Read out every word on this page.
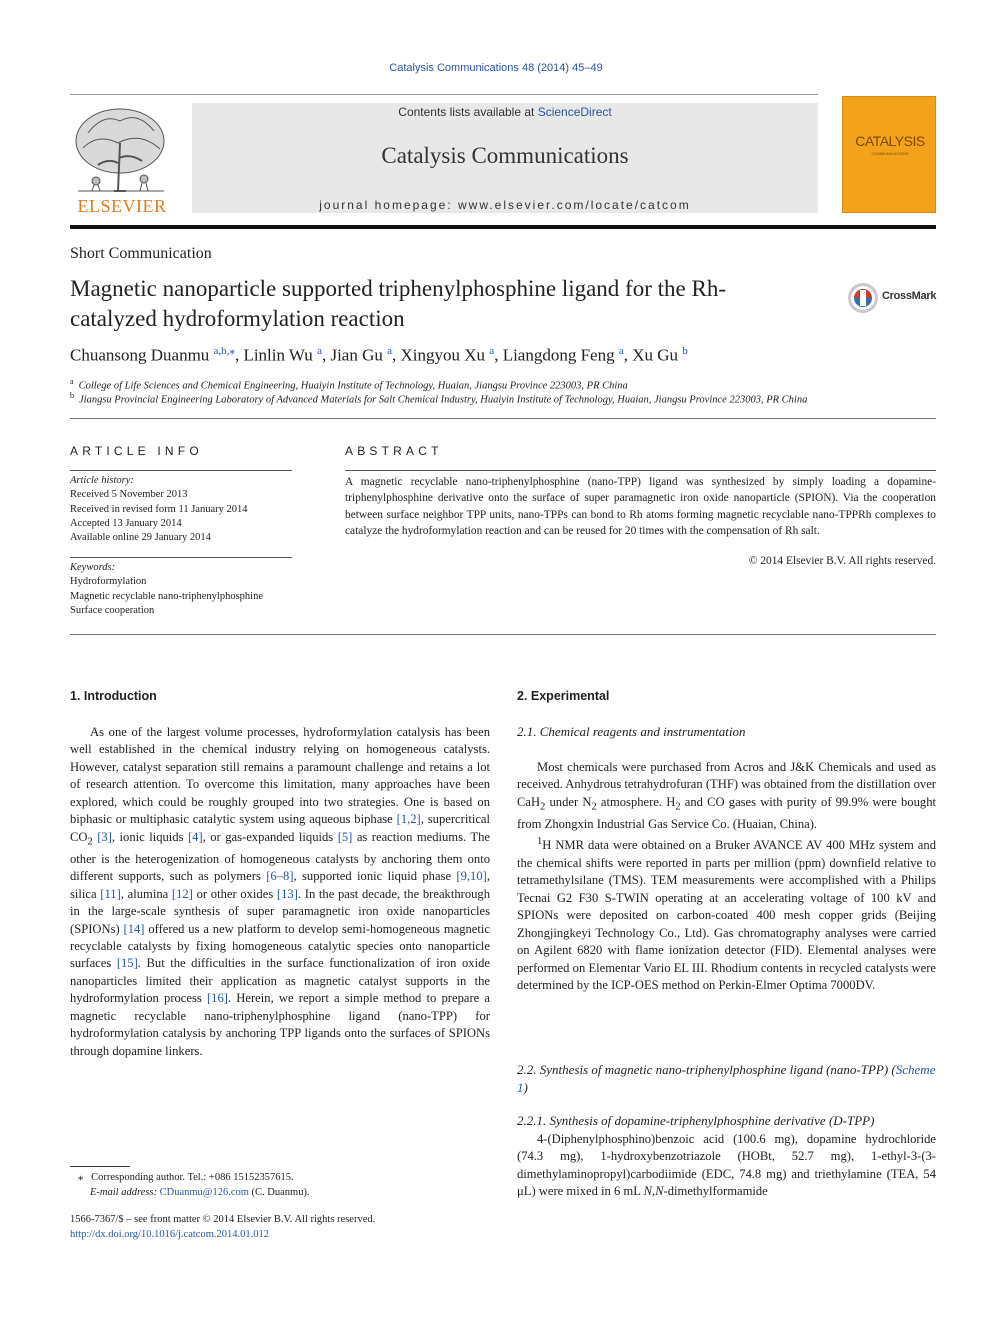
Catalysis Communications 48 (2014) 45–49
ELSEVIER
Contents lists available at ScienceDirect
Catalysis Communications
journal homepage: www.elsevier.com/locate/catcom
CATALYSIS
COMMUNICATIONS
Short Communication
Magnetic nanoparticle supported triphenylphosphine ligand for the Rh-catalyzed hydroformylation reaction
CrossMark
Chuansong Duanmu $^{a,b,⁎}$, Linlin Wu $^a$, Jian Gu $^a$, Xingyou Xu $^a$, Liangdong Feng $^a$, Xu Gu $^b$
$^a$ College of Life Sciences and Chemical Engineering, Huaiyin Institute of Technology, Huaian, Jiangsu Province 223003, PR China
$^b$ Jiangsu Provincial Engineering Laboratory of Advanced Materials for Salt Chemical Industry, Huaiyin Institute of Technology, Huaian, Jiangsu Province 223003, PR China
ARTICLE INFO	ABSTRACT
Article history:
Received 5 November 2013
Received in revised form 11 January 2014
Accepted 13 January 2014
Available online 29 January 2014
Keywords:
Hydroformylation
Magnetic recyclable nano-triphenylphosphine
Surface cooperation
A magnetic recyclable nano-triphenylphosphine (nano-TPP) ligand was synthesized by simply loading a dopamine-triphenylphosphine derivative onto the surface of super paramagnetic iron oxide nanoparticle (SPION). Via the cooperation between surface neighbor TPP units, nano-TPPs can bond to Rh atoms forming magnetic recyclable nano-TPPRh complexes to catalyze the hydroformylation reaction and can be reused for 20 times with the compensation of Rh salt.
© 2014 Elsevier B.V. All rights reserved.
1. Introduction

As one of the largest volume processes, hydroformylation catalysis has been well established in the chemical industry relying on homogeneous catalysts. However, catalyst separation still remains a paramount challenge and retains a lot of research attention. To overcome this limitation, many approaches have been explored, which could be roughly grouped into two strategies. One is based on biphasic or multiphasic catalytic system using aqueous biphase [1,2], supercritical $CO_2$ [3], ionic liquids [4], or gas-expanded liquids [5] as reaction mediums. The other is the heterogenization of homogeneous catalysts by anchoring them onto different supports, such as polymers [6–8], supported ionic liquid phase [9,10], silica [11], alumina [12] or other oxides [13]. In the past decade, the breakthrough in the large-scale synthesis of super paramagnetic iron oxide nanoparticles (SPIONs) [14] offered us a new platform to develop semi-homogeneous magnetic recyclable catalysts by fixing homogeneous catalytic species onto nanoparticle surfaces [15]. But the difficulties in the surface functionalization of iron oxide nanoparticles limited their application as magnetic catalyst supports in the hydroformylation process [16]. Herein, we report a simple method to prepare a magnetic recyclable nano-triphenylphosphine ligand (nano-TPP) for hydroformylation catalysis by anchoring TPP ligands onto the surfaces of SPIONs through dopamine linkers.

2. Experimental
2.1. Chemical reagents and instrumentation

Most chemicals were purchased from Acros and J&K Chemicals and used as received. Anhydrous tetrahydrofuran (THF) was obtained from the distillation over CaH$_2$ under $N_2$ atmosphere. $H_2$ and CO gases with purity of 99.9% were bought from Zhongxin Industrial Gas Service Co. (Huaian, China).

$^1$H NMR data were obtained on a Bruker AVANCE AV 400 MHz system and the chemical shifts were reported in parts per million (ppm) downfield relative to tetramethylsilane (TMS). TEM measurements were accomplished with a Philips Tecnai G2 F30 S-TWIN operating at an accelerating voltage of 100 kV and SPIONs were deposited on carbon-coated 400 mesh copper grids (Beijing Zhongjingkeyi Technology Co., Ltd). Gas chromatography analyses were carried on Agilent 6820 with flame ionization detector (FID). Elemental analyses were performed on Elementar Vario EL III. Rhodium contents in recycled catalysts were determined by the ICP-OES method on Perkin-Elmer Optima 7000DV.

2.2. Synthesis of magnetic nano-triphenylphosphine ligand (nano-TPP) (Scheme 1)
2.2.1. Synthesis of dopamine-triphenylphosphine derivative (D-TPP)

4-(Diphenylphosphino)benzoic acid (100.6 mg), dopamine hydrochloride (74.3 mg), 1-hydroxybenzotriazole (HOBt, 52.7 mg), 1-ethyl-3-(3-dimethylaminopropyl)carbodiimide (EDC, 74.8 mg) and triethylamine (TEA, 54 μL) were mixed in 6 mL N,N-dimethylformamide

⁎ Corresponding author. Tel.: +086 15152357615.
E-mail address: CDuanmu@126.com (C. Duanmu).
1566-7367/$ – see front matter © 2014 Elsevier B.V. All rights reserved.
http://dx.doi.org/10.1016/j.catcom.2014.01.012
